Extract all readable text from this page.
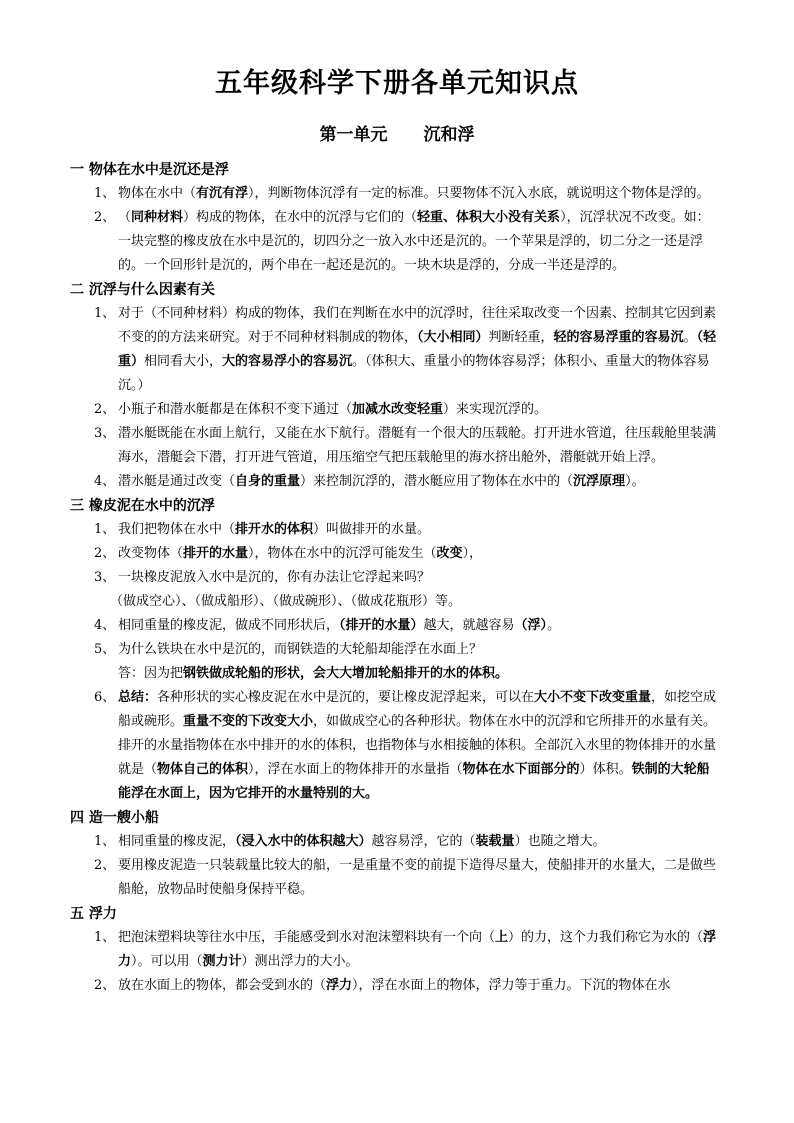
五年级科学下册各单元知识点
第一单元 沉和浮
一 物体在水中是沉还是浮
1、 物体在水中（有沉有浮），判断物体沉浮有一定的标准。只要物体不沉入水底，就说明这个物体是浮的。
2、 （同种材料）构成的物体，在水中的沉浮与它们的（轻重、体积大小没有关系），沉浮状况不改变。如：一块完整的橡皮放在水中是沉的，切四分之一放入水中还是沉的。一个苹果是浮的，切二分之一还是浮的。一个回形针是沉的，两个串在一起还是沉的。一块木块是浮的，分成一半还是浮的。
二 沉浮与什么因素有关
1、 对于（不同种材料）构成的物体，我们在判断在水中的沉浮时，往往采取改变一个因素、控制其它因到素不变的的方法来研究。对于不同种材料制成的物体，（大小相同）判断轻重，轻的容易浮重的容易沉。（轻重）相同看大小，大的容易浮小的容易沉。（体积大、重量小的物体容易浮；体积小、重量大的物体容易沉。）
2、 小瓶子和潜水艇都是在体积不变下通过（加减水改变轻重）来实现沉浮的。
3、 潜水艇既能在水面上航行，又能在水下航行。潜艇有一个很大的压载舱。打开进水管道，往压载舱里装满海水，潜艇会下潜，打开进气管道，用压缩空气把压载舱里的海水挤出舱外，潜艇就开始上浮。
4、 潜水艇是通过改变（自身的重量）来控制沉浮的，潜水艇应用了物体在水中的（沉浮原理）。
三 橡皮泥在水中的沉浮
1、 我们把物体在水中（排开水的体积）叫做排开的水量。
2、 改变物体（排开的水量），物体在水中的沉浮可能发生（改变），
3、 一块橡皮泥放入水中是沉的，你有办法让它浮起来吗？
（做成空心）、（做成船形）、（做成碗形）、（做成花瓶形）等。
4、 相同重量的橡皮泥，做成不同形状后，（排开的水量）越大，就越容易（浮）。
5、 为什么铁块在水中是沉的，而钢铁造的大轮船却能浮在水面上？
答：因为把钢铁做成轮船的形状，会大大增加轮船排开的水的体积。
6、 总结：各种形状的实心橡皮泥在水中是沉的，要让橡皮泥浮起来，可以在大小不变下改变重量，如挖空成船或碗形。重量不变的下改变大小，如做成空心的各种形状。物体在水中的沉浮和它所排开的水量有关。排开的水量指物体在水中排开的水的体积，也指物体与水相接触的体积。全部沉入水里的物体排开的水量就是（物体自己的体积），浮在水面上的物体排开的水量指（物体在水下面部分的）体积。铁制的大轮船能浮在水面上，因为它排开的水量特别的大。
四 造一艘小船
1、 相同重量的橡皮泥，（浸入水中的体积越大）越容易浮，它的（装载量）也随之增大。
2、 要用橡皮泥造一只装载量比较大的船，一是重量不变的前提下造得尽量大，使船排开的水量大，二是做些船舱，放物品时使船身保持平稳。
五 浮力
1、 把泡沫塑料块等往水中压，手能感受到水对泡沫塑料块有一个向（上）的力，这个力我们称它为水的（浮力）。可以用（测力计）测出浮力的大小。
2、 放在水面上的物体，都会受到水的（浮力），浮在水面上的物体，浮力等于重力。下沉的物体在水
